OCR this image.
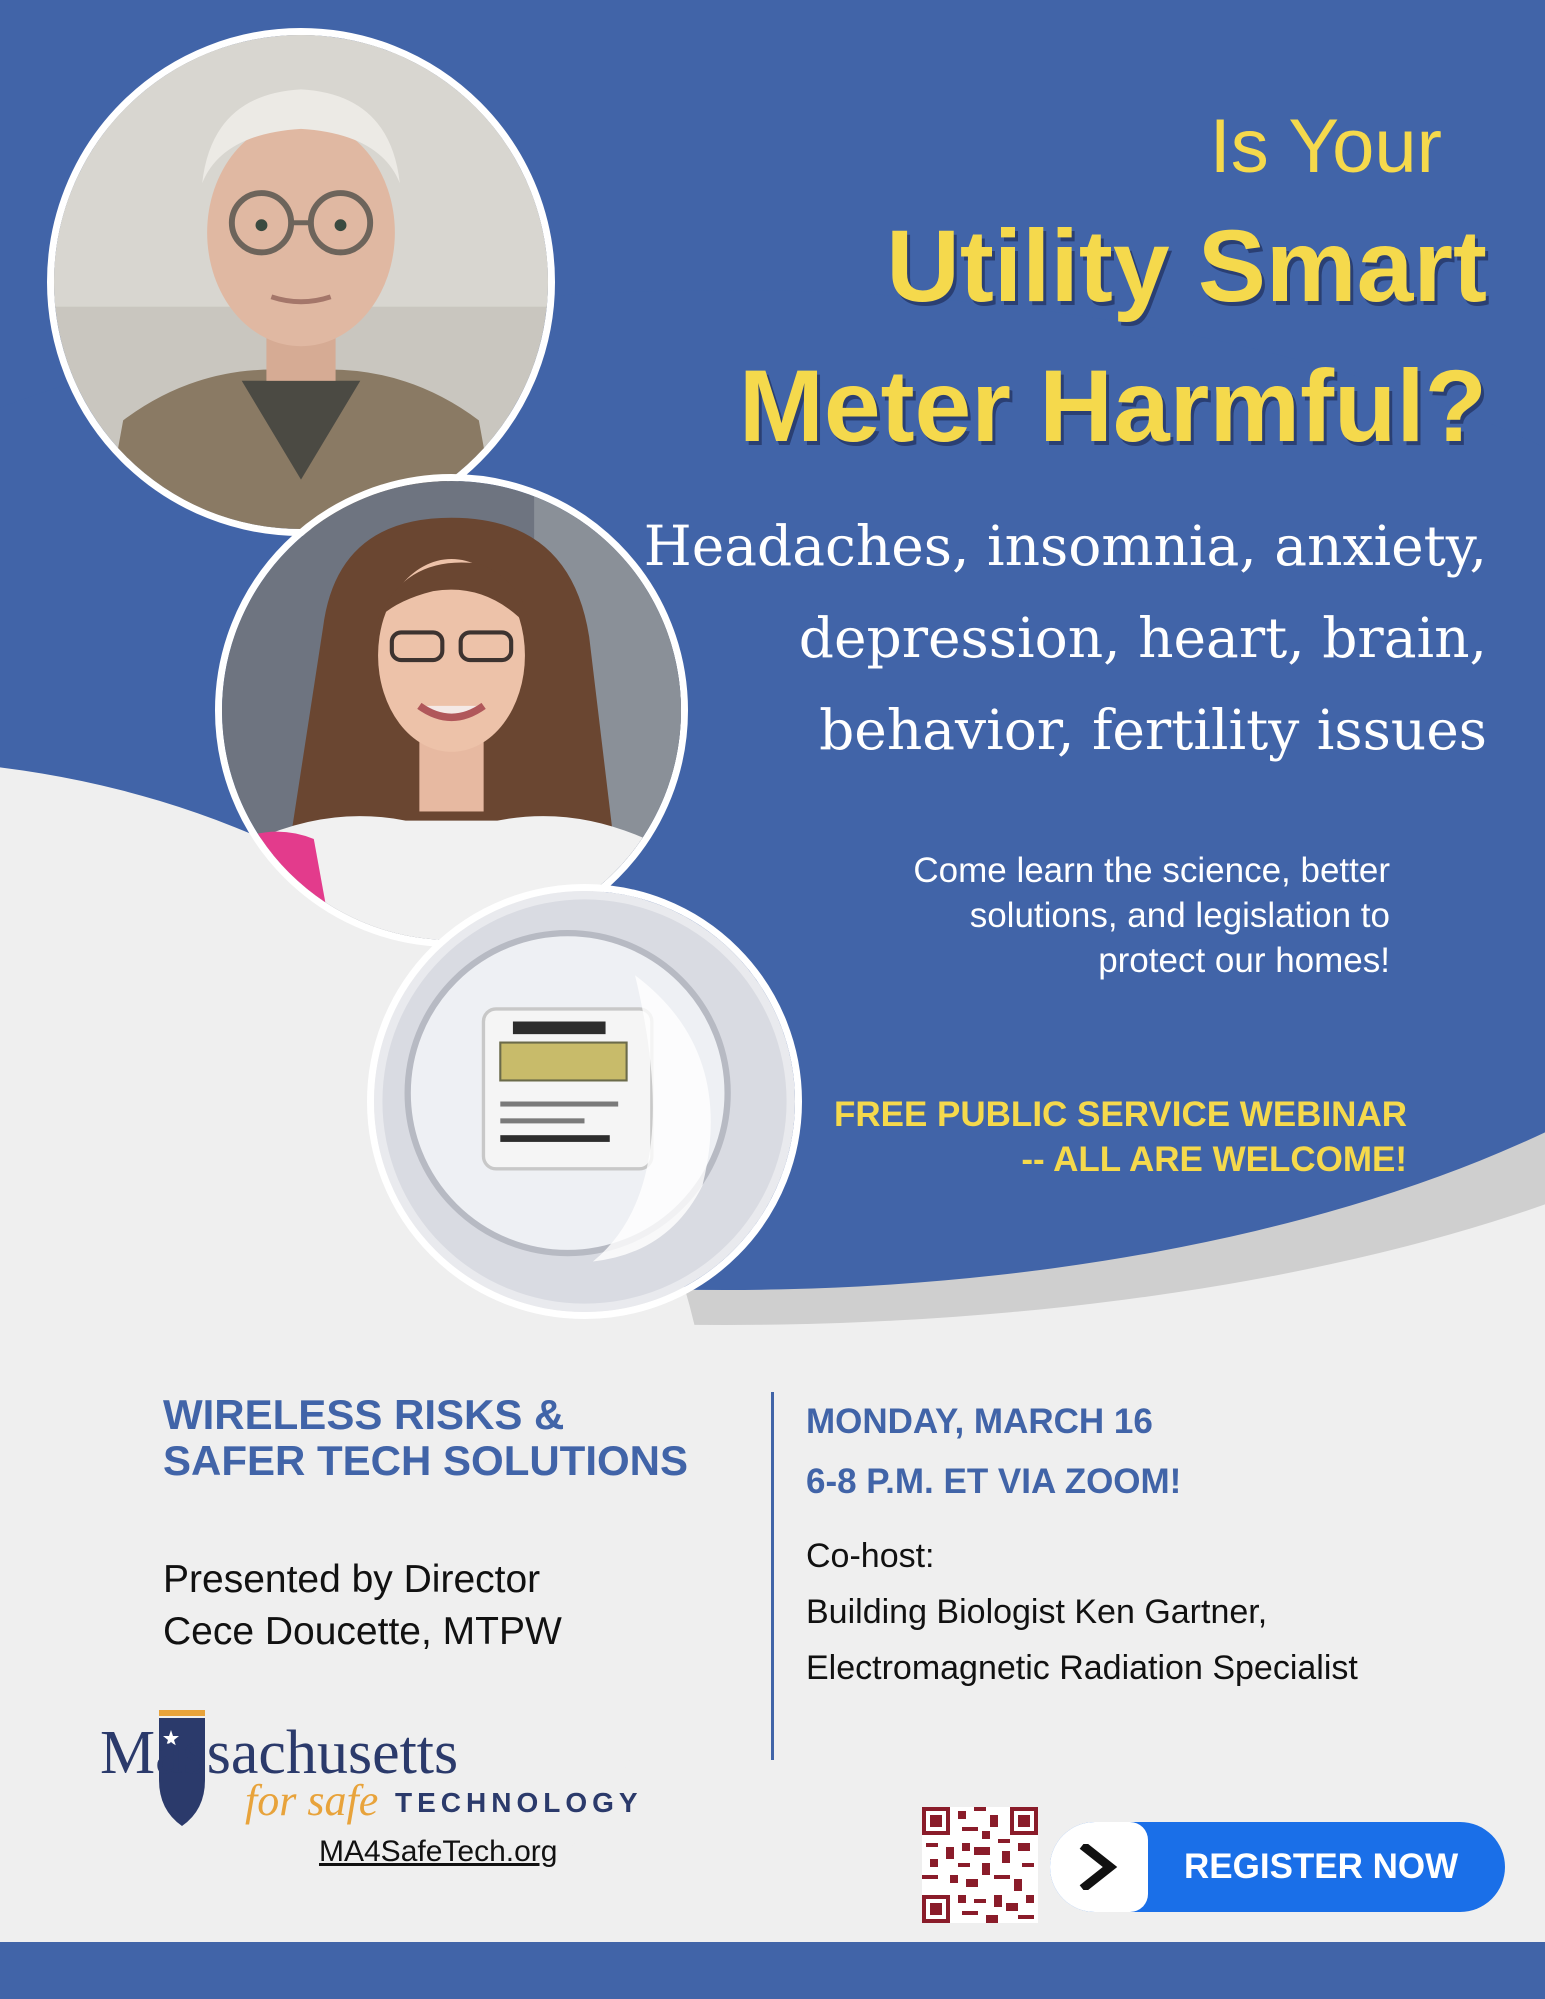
Is Your

Utility Smart
Meter Harmful?

Headaches, insomnia, anxiety,
depression, heart, brain,
behavior, fertility issues

Come learn the science, better
solutions, and legislation to
protect our homes!

FREE PUBLIC SERVICE WEBINAR
-- ALL ARE WELCOME!

WIRELESS RISKS &
SAFER TECH SOLUTIONS

Presented by Director
Cece Doucette, MTPW

MONDAY, MARCH 16
6-8 P.M. ET VIA ZOOM!

Co-host:
Building Biologist Ken Gartner,
Electromagnetic Radiation Specialist

Massachusetts
for safe TECHNOLOGY
MA4SafeTech.org	REGISTER NOW
